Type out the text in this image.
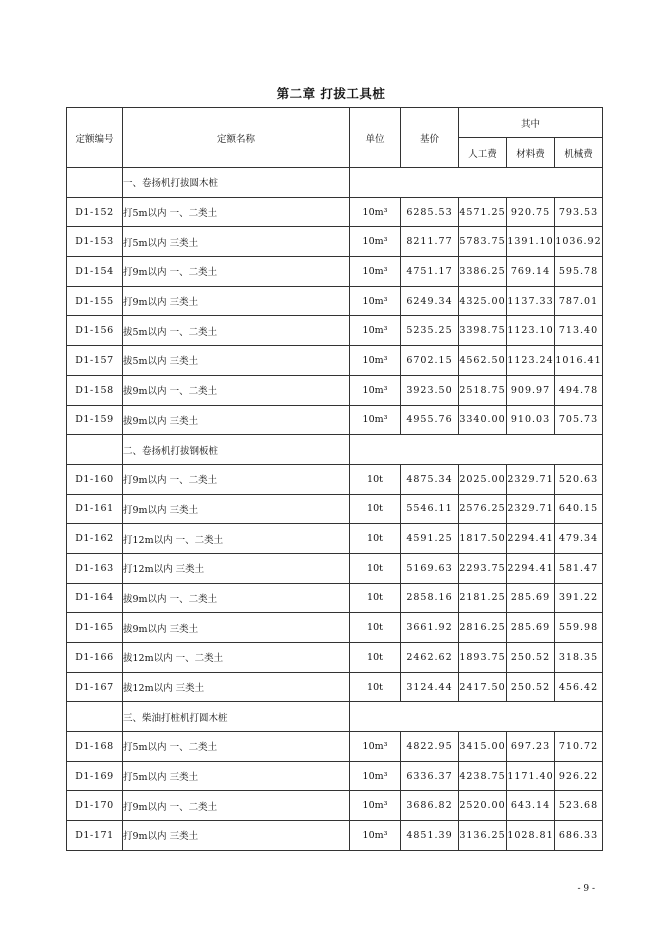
第二章 打拔工具桩
定额编号	定额名称	单位	基价	其中		
				人工费	材料费	机械费
	一、卷扬机打拔圆木桩					
D1-152	打5m以内 一、二类土	10m³	6285.53	4571.25	920.75	793.53
D1-153	打5m以内 三类土	10m³	8211.77	5783.75	1391.10	1036.92
D1-154	打9m以内 一、二类土	10m³	4751.17	3386.25	769.14	595.78
D1-155	打9m以内 三类土	10m³	6249.34	4325.00	1137.33	787.01
D1-156	拔5m以内 一、二类土	10m³	5235.25	3398.75	1123.10	713.40
D1-157	拔5m以内 三类土	10m³	6702.15	4562.50	1123.24	1016.41
D1-158	拔9m以内 一、二类土	10m³	3923.50	2518.75	909.97	494.78
D1-159	拔9m以内 三类土	10m³	4955.76	3340.00	910.03	705.73
	二、卷扬机打拔钢板桩					
D1-160	打9m以内 一、二类土	10t	4875.34	2025.00	2329.71	520.63
D1-161	打9m以内 三类土	10t	5546.11	2576.25	2329.71	640.15
D1-162	打12m以内 一、二类土	10t	4591.25	1817.50	2294.41	479.34
D1-163	打12m以内 三类土	10t	5169.63	2293.75	2294.41	581.47
D1-164	拔9m以内 一、二类土	10t	2858.16	2181.25	285.69	391.22
D1-165	拔9m以内 三类土	10t	3661.92	2816.25	285.69	559.98
D1-166	拔12m以内 一、二类土	10t	2462.62	1893.75	250.52	318.35
D1-167	拔12m以内 三类土	10t	3124.44	2417.50	250.52	456.42
	三、柴油打桩机打圆木桩					
D1-168	打5m以内 一、二类土	10m³	4822.95	3415.00	697.23	710.72
D1-169	打5m以内 三类土	10m³	6336.37	4238.75	1171.40	926.22
D1-170	打9m以内 一、二类土	10m³	3686.82	2520.00	643.14	523.68
D1-171	打9m以内 三类土	10m³	4851.39	3136.25	1028.81	686.33
- 9 -
